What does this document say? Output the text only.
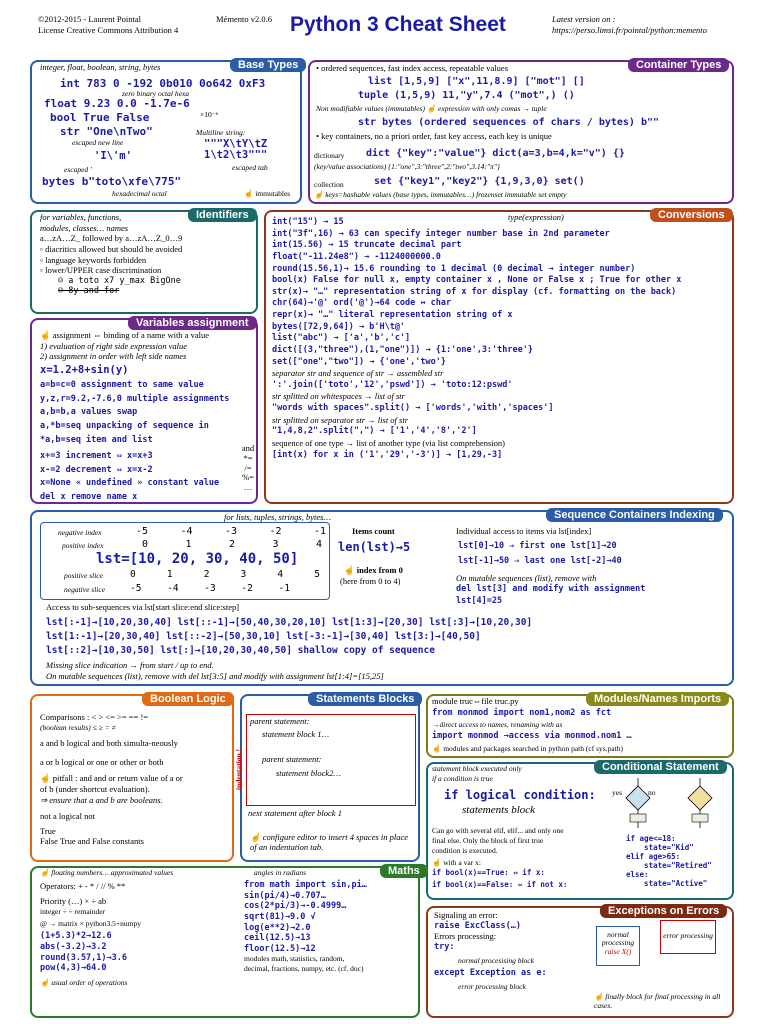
©2012-2015 - Laurent Pointal	Mémento v2.0.6
License Creative Commons Attribution 4	Python 3 Cheat Sheet	Latest version on :
https://perso.limsi.fr/pointal/python:memento
Base Types
integer, float, boolean, string, bytes
int 783 0 -192 0b010 0o642 0xF3
zero binary octal hexa
float 9.23 0.0 -1.7e-6
×10⁻⁶
bool True False
str "One\nTwo"
escaped new line
Multiline string:
"""X\tY\tZ
1\t2\t3"""
'I\'m'
escaped '	escaped tab
bytes b"toto\xfe\775"
hexadecimal octal	☝ immutables
Container Types
• ordered sequences, fast index access, repeatable values
list [1,5,9] ["x",11,8.9] ["mot"] []
tuple (1,5,9) 11,"y",7.4 ("mot",) ()
Non modifiable values (immutables) ☝ expression with only comas → tuple
str bytes (ordered sequences of chars / bytes) b""
• key containers, no a priori order, fast key access, each key is unique
dictionary dict {"key":"value"} dict(a=3,b=4,k="v") {}
(key/value associations) {1:"one",3:"three",2:"two",3.14:"π"}
collection	set {"key1","key2"} {1,9,3,0} set()
☝ keys=hashable values (base types, immutables…) frozenset immutable set empty
Identifiers
for variables, functions,
modules, classes… names
a…zA…Z_ followed by a…zA…Z_0…9
▫ diacritics allowed but should be avoided
▫ language keywords forbidden
▫ lower/UPPER case discrimination
☺ a toto x7 y_max BigOne
☹ 8y and for
Variables assignment
☝ assignment ⇔ binding of a name with a value
1) evaluation of right side expression value
2) assignment in order with left side names
x=1.2+8+sin(y)
a=b=c=0 assignment to same value
y,z,r=9.2,-7.6,0 multiple assignments
a,b=b,a values swap
a,*b=seq unpacking of sequence in
*a,b=seq item and list
x+=3 increment ⇔ x=x+3
x-=2 decrement ⇔ x=x-2
x=None « undefined » constant value
del x remove name x
and
*=
/=
%=
…
Conversions
type(expression)
int("15") → 15
int("3f",16) → 63 can specify integer number base in 2nd parameter
int(15.56) → 15 truncate decimal part
float("-11.24e8") → -1124000000.0
round(15.56,1)→ 15.6 rounding to 1 decimal (0 decimal → integer number)
bool(x) False for null x, empty container x , None or False x ; True for other x
str(x)→ "…" representation string of x for display (cf. formatting on the back)
chr(64)→'@' ord('@')→64 code ↔ char
repr(x)→ "…" literal representation string of x
bytes([72,9,64]) → b'H\t@'
list("abc") → ['a','b','c']
dict([(3,"three"),(1,"one")]) → {1:'one',3:'three'}
set(["one","two"]) → {'one','two'}
separator str and sequence of str → assembled str
':'.join(['toto','12','pswd']) → 'toto:12:pswd'
str splitted on whitespaces → list of str
"words with spaces".split() → ['words','with','spaces']
str splitted on separator str → list of str
"1,4,8,2".split(",") → ['1','4','8','2']
sequence of one type → list of another type (via list comprehension)
[int(x) for x in ('1','29','-3')] → [1,29,-3]
Sequence Containers Indexing
for lists, tuples, strings, bytes…
negative index
positive index
-5	-4	-3	-2	-1
0	1	2	3	4
lst=[10, 20, 30, 40, 50]
positive slice
negative slice
0	1	2	3	4	5
-5	-4	-3	-2	-1
Items count
len(lst)→5
☝ index from 0
(here from 0 to 4)
Individual access to items via lst[index]
lst[0]→10 ⇒ first one lst[1]→20
lst[-1]→50 ⇒ last one lst[-2]→40
On mutable sequences (list), remove with
del lst[3] and modify with assignment
lst[4]=25
Access to sub-sequences via lst[start slice:end slice:step]
lst[:-1]→[10,20,30,40] lst[::-1]→[50,40,30,20,10] lst[1:3]→[20,30] lst[:3]→[10,20,30]
lst[1:-1]→[20,30,40] lst[::-2]→[50,30,10] lst[-3:-1]→[30,40] lst[3:]→[40,50]
lst[::2]→[10,30,50] lst[:]→[10,20,30,40,50] shallow copy of sequence
Missing slice indication → from start / up to end.
On mutable sequences (list), remove with del lst[3:5] and modify with assignment lst[1:4]=[15,25]
Boolean Logic
Comparisons : < > <= >= == !=
(boolean results) ≤ ≥ = ≠
a and b logical and both simulta-neously
a or b logical or one or other or both
☝ pitfall : and and or return value of a or
of b (under shortcut evaluation).
⇒ ensure that a and b are booleans.
not a logical not
True
False True and False constants
Statements Blocks
parent statement:
statement block 1…
parent statement:
statement block2…
next statement after block 1
indentation !
☝ configure editor to insert 4 spaces in place of an indentation tab.
Modules/Names Imports
module truc⇔file truc.py
from monmod import nom1,nom2 as fct
→direct access to names, renaming with as
import monmod →access via monmod.nom1 …
☝ modules and packages searched in python path (cf sys.path)
Conditional Statement
statement block executed only
if a condition is true
if logical condition:
statements block
Can go with several elif, elif... and only one
final else. Only the block of first true
condition is executed.
☝ with a var x:
if bool(x)==True: ⇔ if x:
if bool(x)==False: ⇔ if not x:
if age<=18:
state="Kid"
elif age>65:
state="Retired"
else:
state="Active"
yes	no
Maths
☝ floating numbers… approximated values
Operators: + - * / // % **
Priority (…) × ÷ ab
integer ÷ ÷ remainder
@ → matrix × python3.5+numpy
(1+5.3)*2→12.6
abs(-3.2)→3.2
round(3.57,1)→3.6
pow(4,3)→64.0
☝ usual order of operations
angles in radians
from math import sin,pi…
sin(pi/4)→0.707…
cos(2*pi/3)→-0.4999…
sqrt(81)→9.0 √
log(e**2)→2.0
ceil(12.5)→13
floor(12.5)→12
modules math, statistics, random,
decimal, fractions, numpy, etc. (cf. doc)
Exceptions on Errors
Signaling an error:
raise ExcClass(…)
Errors processing:
try:
normal procesising block
except Exception as e:
error processing block
normal processing
raise X()
error processing
☝ finally block for final processing in all cases.
